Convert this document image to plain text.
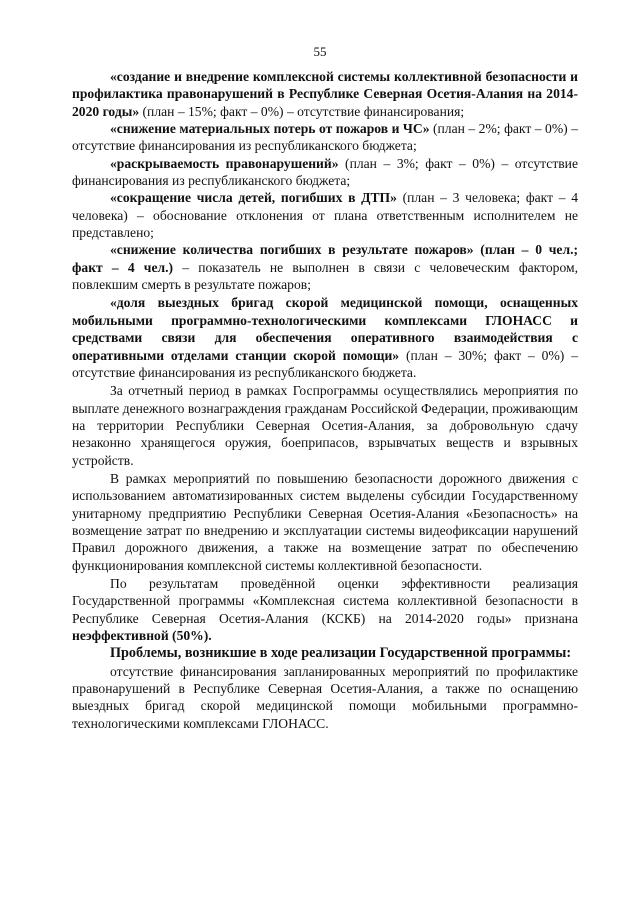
55

«создание и внедрение комплексной системы коллективной безопасности и профилактика правонарушений в Республике Северная Осетия-Алания на 2014-2020 годы» (план – 15%; факт – 0%) – отсутствие финансирования;

«снижение материальных потерь от пожаров и ЧС» (план – 2%; факт – 0%) – отсутствие финансирования из республиканского бюджета;

«раскрываемость правонарушений» (план – 3%; факт – 0%) – отсутствие финансирования из республиканского бюджета;

«сокращение числа детей, погибших в ДТП» (план – 3 человека; факт – 4 человека) – обоснование отклонения от плана ответственным исполнителем не представлено;

«снижение количества погибших в результате пожаров» (план – 0 чел.; факт – 4 чел.) – показатель не выполнен в связи с человеческим фактором, повлекшим смерть в результате пожаров;

«доля выездных бригад скорой медицинской помощи, оснащенных мобильными программно-технологическими комплексами ГЛОНАСС и средствами связи для обеспечения оперативного взаимодействия с оперативными отделами станции скорой помощи» (план – 30%; факт – 0%) – отсутствие финансирования из республиканского бюджета.

За отчетный период в рамках Госпрограммы осуществлялись мероприятия по выплате денежного вознаграждения гражданам Российской Федерации, проживающим на территории Республики Северная Осетия-Алания, за добровольную сдачу незаконно хранящегося оружия, боеприпасов, взрывчатых веществ и взрывных устройств.

В рамках мероприятий по повышению безопасности дорожного движения с использованием автоматизированных систем выделены субсидии Государственному унитарному предприятию Республики Северная Осетия-Алания «Безопасность» на возмещение затрат по внедрению и эксплуатации системы видеофиксации нарушений Правил дорожного движения, а также на возмещение затрат по обеспечению функционирования комплексной системы коллективной безопасности.

По результатам проведённой оценки эффективности реализация Государственной программы «Комплексная система коллективной безопасности в Республике Северная Осетия-Алания (КСКБ) на 2014-2020 годы» признана неэффективной (50%).

Проблемы, возникшие в ходе реализации Государственной программы:

отсутствие финансирования запланированных мероприятий по профилактике правонарушений в Республике Северная Осетия-Алания, а также по оснащению выездных бригад скорой медицинской помощи мобильными программно-технологическими комплексами ГЛОНАСС.
